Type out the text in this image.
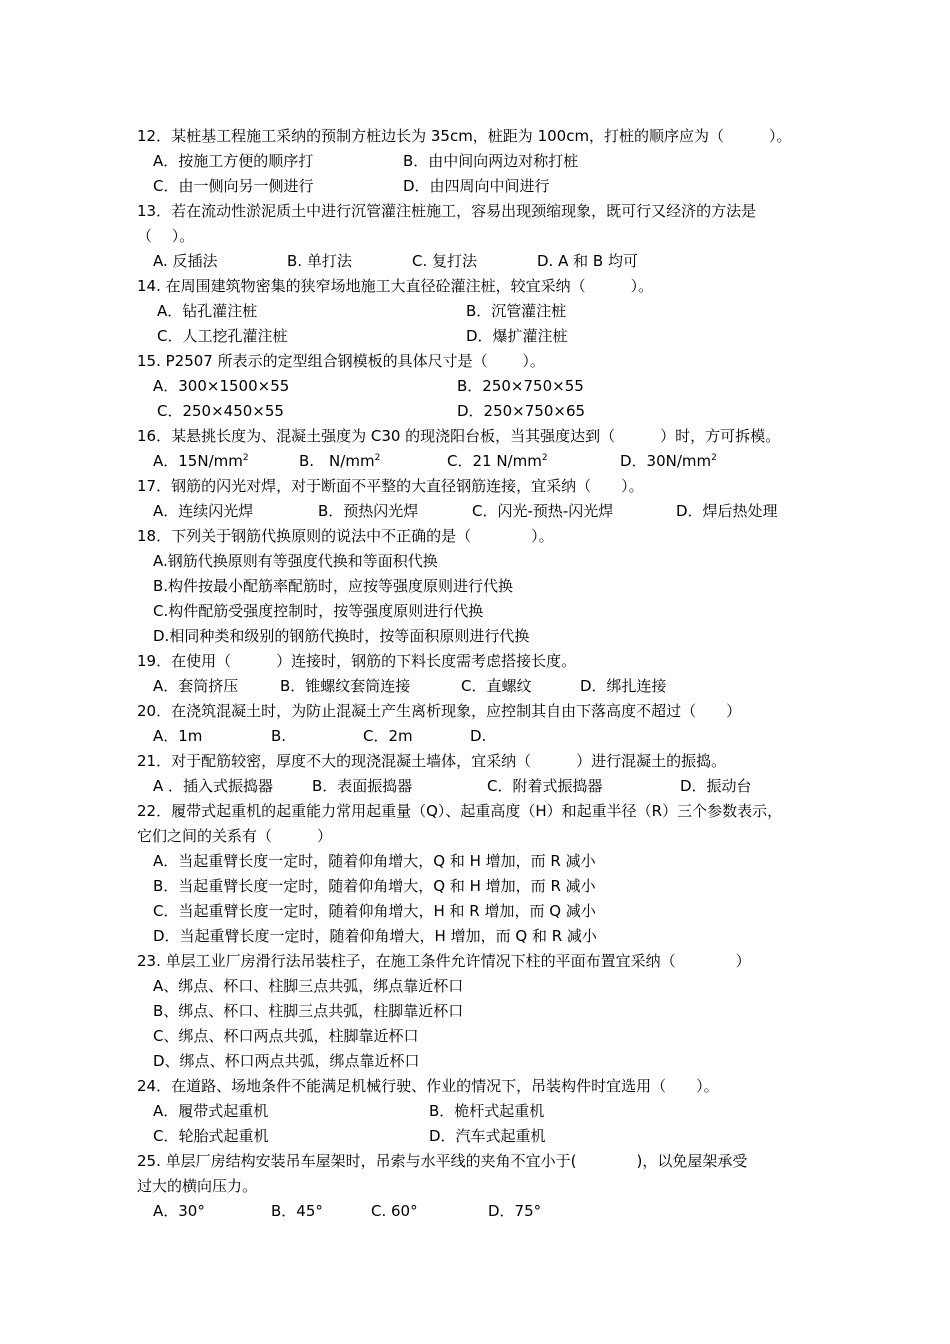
12．某桩基工程施工采纳的预制方桩边长为 35cm，桩距为 100cm，打桩的顺序应为（　　　）。
A．按施工方便的顺序打	B．由中间向两边对称打桩
C．由一侧向另一侧进行	D．由四周向中间进行
13．若在流动性淤泥质土中进行沉管灌注桩施工，容易出现颈缩现象，既可行又经济的方法是
（　 ）。
A. 反插法	B. 单打法	C. 复打法	D. A 和 B 均可
14. 在周围建筑物密集的狭窄场地施工大直径砼灌注桩，较宜采纳（　　　）。
A．钻孔灌注桩	B．沉管灌注桩
C．人工挖孔灌注桩	D．爆扩灌注桩
15. P2507 所表示的定型组合钢模板的具体尺寸是（　　 ）。
A．300×1500×55	B．250×750×55
C．250×450×55	D．250×750×65
16．某悬挑长度为、混凝土强度为 C30 的现浇阳台板，当其强度达到（　　　）时，方可拆模。
A．$15N/mm^2$	B.　$N/mm^2$	C．21 $N/mm^2$	D．$30N/mm^2$
17．钢筋的闪光对焊，对于断面不平整的大直径钢筋连接，宜采纳（　　）。
A．连续闪光焊	B．预热闪光焊	C．闪光-预热-闪光焊	D．焊后热处理
18．下列关于钢筋代换原则的说法中不正确的是（　　　　）。
A.钢筋代换原则有等强度代换和等面积代换
B.构件按最小配筋率配筋时，应按等强度原则进行代换
C.构件配筋受强度控制时，按等强度原则进行代换
D.相同种类和级别的钢筋代换时，按等面积原则进行代换
19．在使用（　　　）连接时，钢筋的下料长度需考虑搭接长度。
A．套筒挤压	B．锥螺纹套筒连接	C．直螺纹	D．绑扎连接
20．在浇筑混凝土时，为防止混凝土产生离析现象，应控制其自由下落高度不超过（　　）
A．1m	B.	C．2m	D.
21．对于配筋较密，厚度不大的现浇混凝土墙体，宜采纳（　　　）进行混凝土的振捣。
A ．插入式振捣器	B．表面振捣器	C．附着式振捣器	D．振动台
22．履带式起重机的起重能力常用起重量（Q）、起重高度（H）和起重半径（R）三个参数表示，
它们之间的关系有（　　　）
A．当起重臂长度一定时，随着仰角增大，Q 和 H 增加，而 R 减小
B．当起重臂长度一定时，随着仰角增大，Q 和 H 增加，而 R 减小
C．当起重臂长度一定时，随着仰角增大，H 和 R 增加，而 Q 减小
D．当起重臂长度一定时，随着仰角增大，H 增加，而 Q 和 R 减小
23. 单层工业厂房滑行法吊装柱子，在施工条件允许情况下柱的平面布置宜采纳（　　　　）
A、绑点、杯口、柱脚三点共弧，绑点靠近杯口
B、绑点、杯口、柱脚三点共弧，柱脚靠近杯口
C、绑点、杯口两点共弧，柱脚靠近杯口
D、绑点、杯口两点共弧，绑点靠近杯口
24．在道路、场地条件不能满足机械行驶、作业的情况下，吊装构件时宜选用（　　）。
A．履带式起重机	B．桅杆式起重机
C．轮胎式起重机	D．汽车式起重机
25. 单层厂房结构安装吊车屋架时，吊索与水平线的夹角不宜小于(　　　　)，以免屋架承受
过大的横向压力。
A．30°	B．45°	C. 60°	D．75°
